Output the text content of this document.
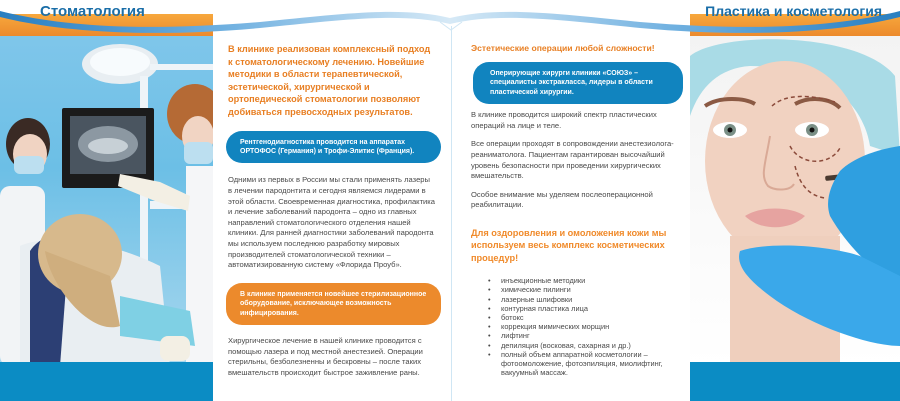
Стоматология	Пластика и косметология

В клинике реализован комплексный подход к стоматологическому лечению. Новейшие методики в области терапевтической, эстетической, хирургической и ортопедической стоматологии позволяют добиваться превосходных результатов.

Рентгенодиагностика проводится на аппаратах ОРТОФОС (Германия) и Трофи-Элитис (Франция).

Одними из первых в России мы стали применять лазеры в лечении пародонтита и сегодня являемся лидерами в этой области. Своевременная диагностика, профилактика и лечение заболеваний пародонта – одно из главных направлений стоматологического отделения нашей клиники. Для ранней диагностики заболеваний пародонта мы используем последнюю разработку мировых производителей стоматологической техники – автоматизированную систему «Флорида Проуб».

В клинике применяется новейшее стерилизационное оборудование, исключающее возможность инфицирования.

Хирургическое лечение в нашей клинике проводится с помощью лазера и под местной анестезией. Операции стерильны, безболезненны и бескровны – после таких вмешательств происходит быстрое заживление раны.

Эстетические операции любой сложности!

Оперирующие хирурги клиники «СОЮЗ» – специалисты экстракласса, лидеры в области пластической хирургии.

В клинике проводится широкий спектр пластических операций на лице и теле.

Все операции проходят в сопровождении анестезиолога-реаниматолога. Пациентам гарантирован высочайший уровень безопасности при проведении хирургических вмешательств.

Особое внимание мы уделяем послеоперационной реабилитации.

Для оздоровления и омоложения кожи мы используем весь комплекс косметических процедур!

• инъекционные методики
• химические пилинги
• лазерные шлифовки
• контурная пластика лица
• ботокс
• коррекция мимических морщин
• лифтинг
• депиляция (восковая, сахарная и др.)
• полный объем аппаратной косметологии – фотоомоложение, фотоэпиляция, миолифтинг, вакуумный массаж.
